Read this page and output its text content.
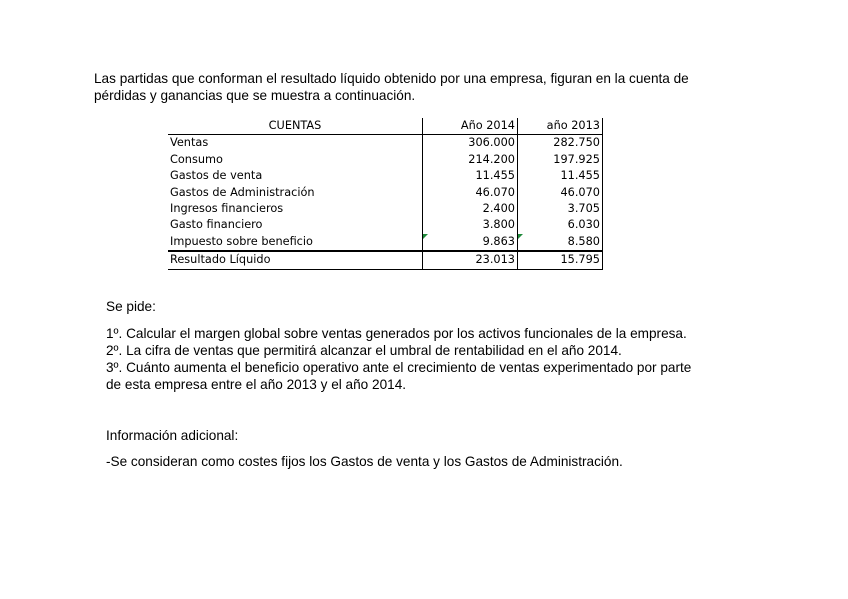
Las partidas que conforman el resultado líquido obtenido por una empresa, figuran en la cuenta de pérdidas y ganancias que se muestra a continuación.
CUENTAS	Año 2014	año 2013
Ventas	306.000	282.750
Consumo	214.200	197.925
Gastos de venta	11.455	11.455
Gastos de Administración	46.070	46.070
Ingresos financieros	2.400	3.705
Gasto financiero	3.800	6.030
Impuesto sobre beneficio	9.863	8.580
Resultado Líquido	23.013	15.795
Se pide:

1º. Calcular el margen global sobre ventas generados por los activos funcionales de la empresa.

2º. La cifra de ventas que permitirá alcanzar el umbral de rentabilidad en el año 2014.

3º. Cuánto aumenta el beneficio operativo ante el crecimiento de ventas experimentado por parte de esta empresa entre el año 2013 y el año 2014.

Información adicional:
-Se consideran como costes fijos los Gastos de venta y los Gastos de Administración.
